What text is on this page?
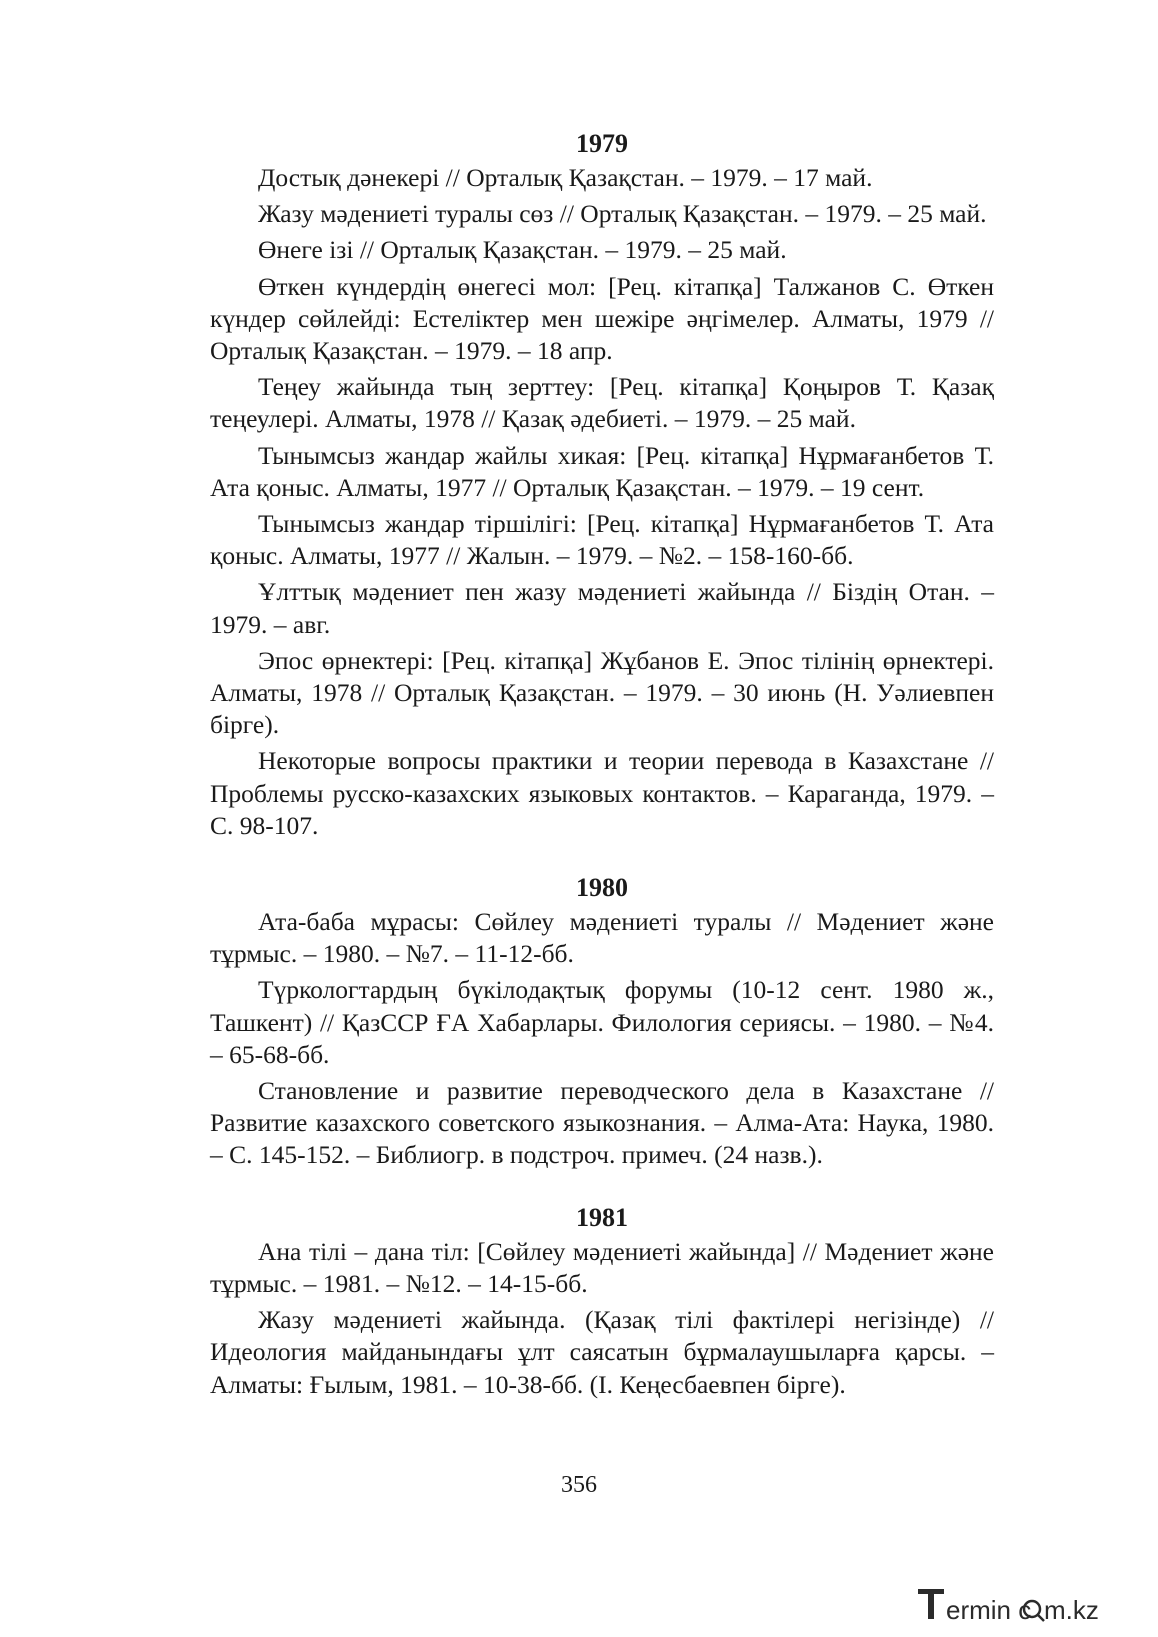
1979

Достық дәнекері // Орталық Қазақстан. – 1979. – 17 май.

Жазу мәдениеті туралы сөз // Орталық Қазақстан. – 1979. – 25 май.

Өнеге ізі // Орталық Қазақстан. – 1979. – 25 май.

Өткен күндердің өнегесі мол: [Рец. кітапқа] Талжанов С. Өткен күндер сөйлейді: Естеліктер мен шежіре әңгімелер. Алматы, 1979 // Орталық Қазақстан. – 1979. – 18 апр.

Теңеу жайында тың зерттеу: [Рец. кітапқа] Қоңыров Т. Қазақ теңеулері. Алматы, 1978 // Қазақ әдебиеті. – 1979. – 25 май.

Тынымсыз жандар жайлы хикая: [Рец. кітапқа] Нұрмағанбетов Т. Ата қоныс. Алматы, 1977 // Орталық Қазақстан. – 1979. – 19 сент.

Тынымсыз жандар тіршілігі: [Рец. кітапқа] Нұрмағанбетов Т. Ата қоныс. Алматы, 1977 // Жалын. – 1979. – №2. – 158-160-бб.

Ұлттық мәдениет пен жазу мәдениеті жайында // Біздің Отан. – 1979. – авг.

Эпос өрнектері: [Рец. кітапқа] Жұбанов Е. Эпос тілінің өрнектері. Алматы, 1978 // Орталық Қазақстан. – 1979. – 30 июнь (Н. Уәлиевпен бірге).

Некоторые вопросы практики и теории перевода в Казахстане // Проблемы русско-казахских языковых контактов. – Караганда, 1979. – С. 98-107.

1980

Ата-баба мұрасы: Сөйлеу мәдениеті туралы // Мәдениет және тұрмыс. – 1980. – №7. – 11-12-бб.

Түркологтардың бүкілодақтық форумы (10-12 сент. 1980 ж., Ташкент) // ҚазССР ҒА Хабарлары. Филология сериясы. – 1980. – №4. – 65-68-бб.

Становление и развитие переводческого дела в Казахстане // Развитие казахского советского языкознания. – Алма-Ата: Наука, 1980. – С. 145-152. – Библиогр. в подстроч. примеч. (24 назв.).

1981

Ана тілі – дана тіл: [Сөйлеу мәдениеті жайында] // Мәдениет және тұрмыс. – 1981. – №12. – 14-15-бб.

Жазу мәдениеті жайында. (Қазақ тілі фактілері негізінде) // Идеология майданындағы ұлт саясатын бұрмалаушыларға қарсы. – Алматы: Ғылым, 1981. – 10-38-бб. (І. Кеңесбаевпен бірге).

356
ermin c m.kz
